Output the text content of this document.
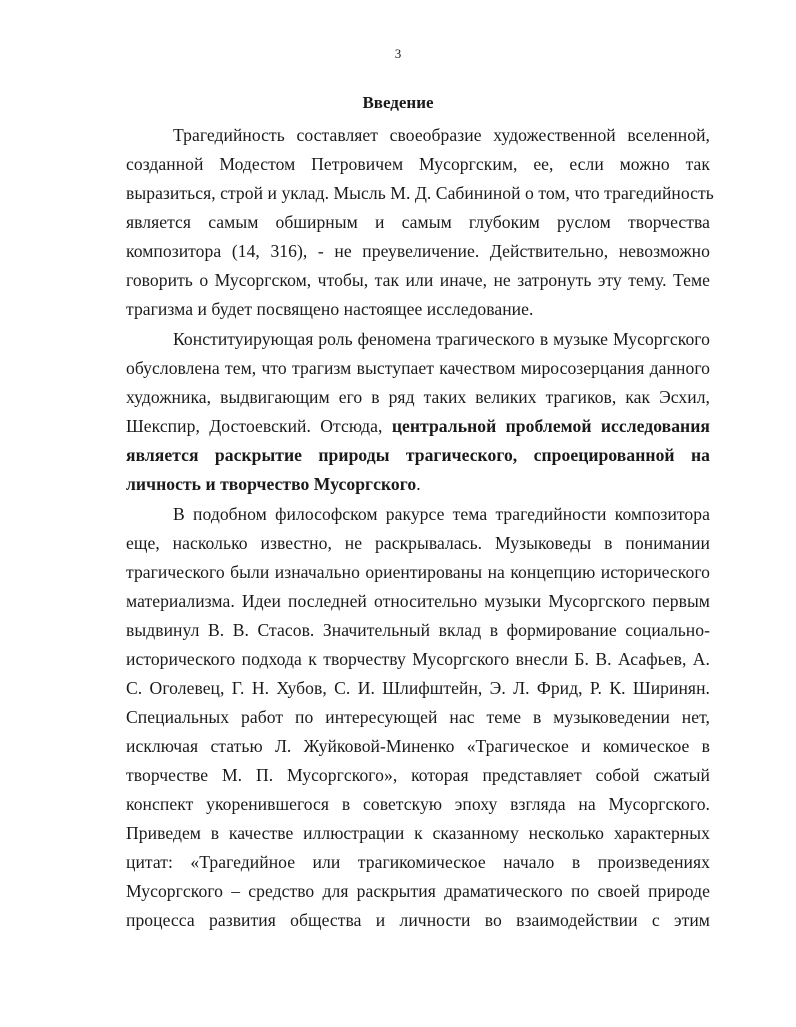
3
Введение
Трагедийность составляет своеобразие художественной вселенной,
созданной Модестом Петровичем Мусоргским, ее, если можно так
выразиться, строй и уклад. Мысль М. Д. Сабининой о том, что трагедийность
является самым обширным и самым глубоким руслом творчества
композитора (14, 316), - не преувеличение. Действительно, невозможно
говорить о Мусоргском, чтобы, так или иначе, не затронуть эту тему. Теме
трагизма и будет посвящено настоящее исследование.
Конституирующая роль феномена трагического в музыке Мусоргского
обусловлена тем, что трагизм выступает качеством миросозерцания данного
художника, выдвигающим его в ряд таких великих трагиков, как Эсхил,
Шекспир, Достоевский. Отсюда, центральной проблемой исследования
является раскрытие природы трагического, спроецированной на
личность и творчество Мусоргского.
В подобном философском ракурсе тема трагедийности композитора
еще, насколько известно, не раскрывалась. Музыковеды в понимании
трагического были изначально ориентированы на концепцию исторического
материализма. Идеи последней относительно музыки Мусоргского первым
выдвинул В. В. Стасов. Значительный вклад в формирование социально-
исторического подхода к творчеству Мусоргского внесли Б. В. Асафьев, А.
С. Оголевец, Г. Н. Хубов, С. И. Шлифштейн, Э. Л. Фрид, Р. К. Ширинян.
Специальных работ по интересующей нас теме в музыковедении нет,
исключая статью Л. Жуйковой-Миненко «Трагическое и комическое в
творчестве М. П. Мусоргского», которая представляет собой сжатый
конспект укоренившегося в советскую эпоху взгляда на Мусоргского.
Приведем в качестве иллюстрации к сказанному несколько характерных
цитат: «Трагедийное или трагикомическое начало в произведениях
Мусоргского – средство для раскрытия драматического по своей природе
процесса развития общества и личности во взаимодействии с этим
